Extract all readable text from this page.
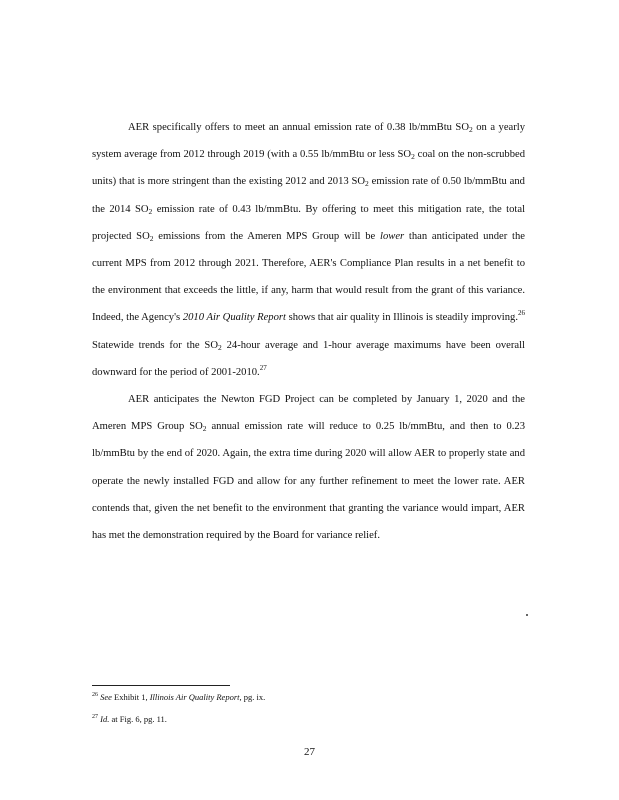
AER specifically offers to meet an annual emission rate of 0.38 lb/mmBtu $SO_2$ on a yearly system average from 2012 through 2019 (with a 0.55 lb/mmBtu or less $SO_2$ coal on the non-scrubbed units) that is more stringent than the existing 2012 and 2013 $SO_2$ emission rate of 0.50 lb/mmBtu and the 2014 $SO_2$ emission rate of 0.43 lb/mmBtu. By offering to meet this mitigation rate, the total projected $SO_2$ emissions from the Ameren MPS Group will be lower than anticipated under the current MPS from 2012 through 2021. Therefore, AER's Compliance Plan results in a net benefit to the environment that exceeds the little, if any, harm that would result from the grant of this variance. Indeed, the Agency's 2010 Air Quality Report shows that air quality in Illinois is steadily improving.$^{26}$ Statewide trends for the $SO_2$ 24-hour average and 1-hour average maximums have been overall downward for the period of 2001-2010.27

AER anticipates the Newton FGD Project can be completed by January 1, 2020 and the Ameren MPS Group $SO_2$ annual emission rate will reduce to 0.25 lb/mmBtu, and then to 0.23 lb/mmBtu by the end of 2020. Again, the extra time during 2020 will allow AER to properly state and operate the newly installed FGD and allow for any further refinement to meet the lower rate. AER contends that, given the net benefit to the environment that granting the variance would impart, AER has met the demonstration required by the Board for variance relief.

$^{26}$ See Exhibit 1, Illinois Air Quality Report, pg. ix.
$^{27}$ Id. at Fig. 6, pg. 11.
27
